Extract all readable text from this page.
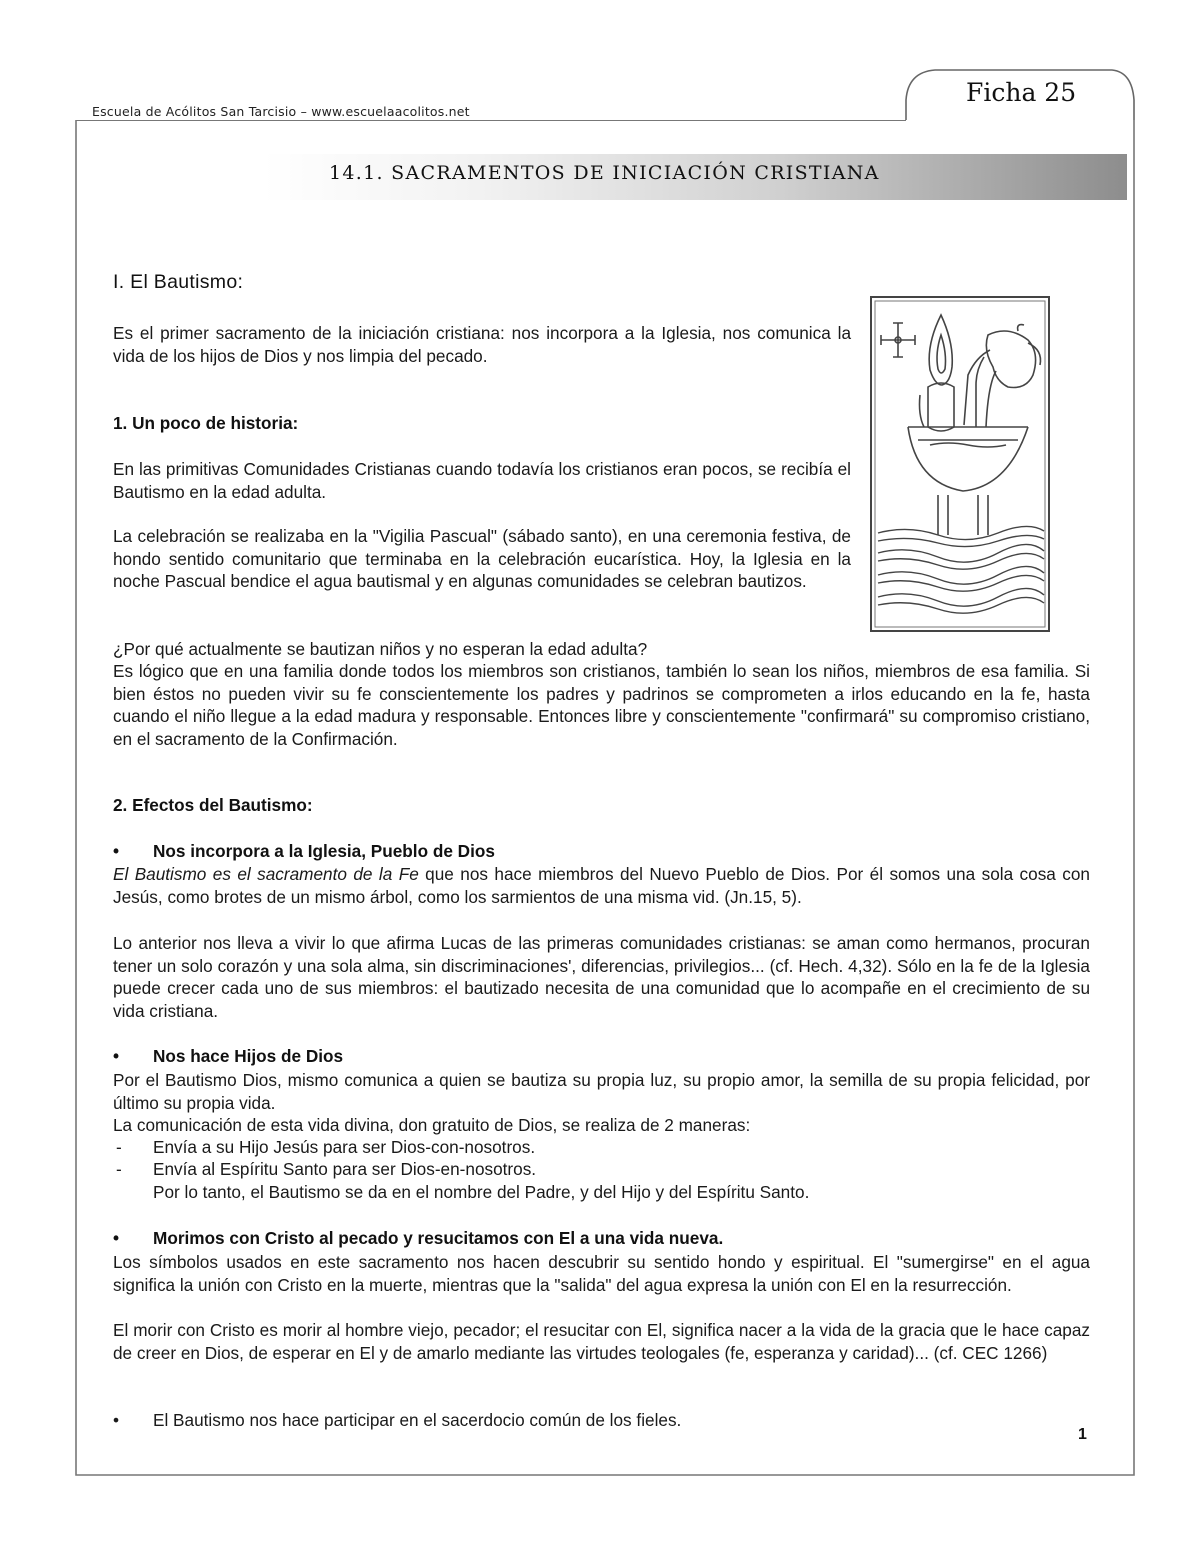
Escuela de Acólitos San Tarcisio – www.escuelaacolitos.net
Ficha 25
14.1. SACRAMENTOS DE INICIACIÓN CRISTIANA
I. El Bautismo:

Es el primer sacramento de la iniciación cristiana: nos incorpora a la Iglesia, nos comunica la vida de los hijos de Dios y nos limpia del pecado.

1. Un poco de historia:

En las primitivas Comunidades Cristianas cuando todavía los cristianos eran pocos, se recibía el Bautismo en la edad adulta.

La celebración se realizaba en la "Vigilia Pascual" (sábado santo), en una ceremonia festiva, de hondo sentido comunitario que terminaba en la celebración eucarística. Hoy, la Iglesia en la noche Pascual bendice el agua bautismal y en algunas comunidades se celebran bautizos.

¿Por qué actualmente se bautizan niños y no esperan la edad adulta?

Es lógico que en una familia donde todos los miembros son cristianos, también lo sean los niños, miembros de esa familia. Si bien éstos no pueden vivir su fe conscientemente los padres y padrinos se comprometen a irlos educando en la fe, hasta cuando el niño llegue a la edad madura y responsable. Entonces libre y conscientemente "confirmará" su compromiso cristiano, en el sacramento de la Confirmación.

2. Efectos del Bautismo:

• Nos incorpora a la Iglesia, Pueblo de Dios

El Bautismo es el sacramento de la Fe que nos hace miembros del Nuevo Pueblo de Dios. Por él somos una sola cosa con Jesús, como brotes de un mismo árbol, como los sarmientos de una misma vid. (Jn.15, 5).

Lo anterior nos lleva a vivir lo que afirma Lucas de las primeras comunidades cristianas: se aman como hermanos, procuran tener un solo corazón y una sola alma, sin discriminaciones', diferencias, privilegios... (cf. Hech. 4,32). Sólo en la fe de la Iglesia puede crecer cada uno de sus miembros: el bautizado necesita de una comunidad que lo acompañe en el crecimiento de su vida cristiana.

• Nos hace Hijos de Dios

Por el Bautismo Dios, mismo comunica a quien se bautiza su propia luz, su propio amor, la semilla de su propia felicidad, por último su propia vida.

La comunicación de esta vida divina, don gratuito de Dios, se realiza de 2 maneras:

- Envía a su Hijo Jesús para ser Dios-con-nosotros.

- Envía al Espíritu Santo para ser Dios-en-nosotros.

Por lo tanto, el Bautismo se da en el nombre del Padre, y del Hijo y del Espíritu Santo.

• Morimos con Cristo al pecado y resucitamos con El a una vida nueva.

Los símbolos usados en este sacramento nos hacen descubrir su sentido hondo y espiritual. El "sumergirse" en el agua significa la unión con Cristo en la muerte, mientras que la "salida" del agua expresa la unión con El en la resurrección.

El morir con Cristo es morir al hombre viejo, pecador; el resucitar con El, significa nacer a la vida de la gracia que le hace capaz de creer en Dios, de esperar en El y de amarlo mediante las virtudes teologales (fe, esperanza y caridad)... (cf. CEC 1266)

• El Bautismo nos hace participar en el sacerdocio común de los fieles.

1
